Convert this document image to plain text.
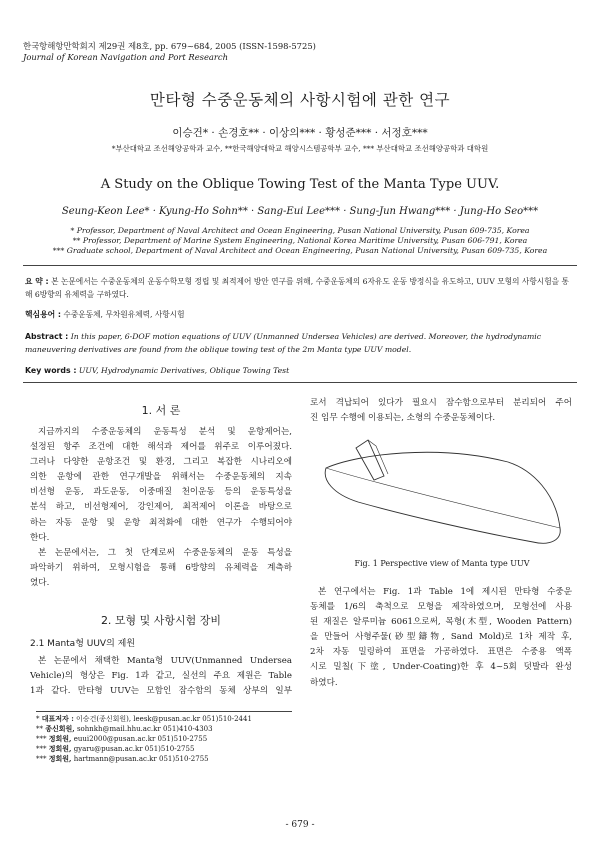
한국항해항만학회지 제29권 제8호, pp. 679~684, 2005 (ISSN-1598-5725)
Journal of Korean Navigation and Port Research
만타형 수중운동체의 사항시험에 관한 연구
이승건* · 손경호** · 이상의*** · 황성준*** · 서정호***
*부산대학교 조선해양공학과 교수, **한국해양대학교 해양시스템공학부 교수, *** 부산대학교 조선해양공학과 대학원
A Study on the Oblique Towing Test of the Manta Type UUV.
Seung-Keon Lee* · Kyung-Ho Sohn** · Sang-Eui Lee*** · Sung-Jun Hwang*** · Jung-Ho Seo***
* Professor, Department of Naval Architect and Ocean Engineering, Pusan National University, Pusan 609-735, Korea
** Professor, Department of Marine System Engineering, National Korea Maritime University, Pusan 606-791, Korea
*** Graduate school, Department of Naval Architect and Ocean Engineering, Pusan National University, Pusan 609-735, Korea
요 약 : 본 논문에서는 수중운동체의 운동수학모형 정립 및 최적제어 방안 연구를 위해, 수중운동체의 6자유도 운동 방정식을 유도하고, UUV 모형의 사항시험을 통해 6방향의 유체력을 구하였다.
핵심용어 : 수중운동체, 무차원유체력, 사항시험
Abstract : In this paper, 6-DOF motion equations of UUV (Unmanned Undersea Vehicles) are derived. Moreover, the hydrodynamic maneuvering derivatives are found from the oblique towing test of the 2m Manta type UUV model.
Key words : UUV, Hydrodynamic Derivatives, Oblique Towing Test
1. 서 론
지금까지의 수중운동체의 운동특성 분석 및 운항제어는,
설정된 항주 조건에 대한 해석과 제어를 위주로 이루어졌다.
그러나 다양한 운항조건 및 환경, 그리고 복잡한 시나리오에
의한 운항에 관한 연구개발을 위해서는 수중운동체의 지속
비선형 운동, 과도운동, 이중매질 천이운동 등의 운동특성을
분석 하고, 비선형제어, 강인제어, 최적제어 이론을 바탕으로
하는 자동 운항 및 운항 최적화에 대한 연구가 수행되어야
한다.
본 논문에서는, 그 첫 단계로써 수중운동체의 운동 특성을
파악하기 위하여, 모형시험을 통해 6방향의 유체력을 계측하
였다.
2. 모형 및 사항시험 장비
2.1 Manta형 UUV의 제원
본 논문에서 채택한 Manta형 UUV(Unmanned Undersea
Vehicle)의 형상은 Fig. 1과 같고, 실선의 주요 제원은 Table
1과 같다. 만타형 UUV는 모함인 잠수함의 동체 상부의 일부
* 대표저자 : 이승건(종신회원), leesk@pusan.ac.kr 051)510-2441
** 종신회원, sohnkh@mail.hhu.ac.kr 051)410-4303
*** 정회원, euui2000@pusan.ac.kr 051)510-2755
*** 정회원, gyaru@pusan.ac.kr 051)510-2755
*** 정회원, hartmann@pusan.ac.kr 051)510-2755
로서 격납되어 있다가 필요시 잠수함으로부터 분리되어 주어
진 임무 수행에 이용되는, 소형의 수중운동체이다.
Fig. 1 Perspective view of Manta type UUV
본 연구에서는 Fig. 1과 Table 1에 제시된 만타형 수중운
동체를 1/6의 축척으로 모형을 제작하였으며, 모형선에 사용
된 재질은 알루미늄 6061으로써, 목형(木型, Wooden Pattern)
을 만들어 사형주물(砂型鑄物, Sand Mold)로 1차 제작 후,
2차 자동 밀링하여 표면을 가공하였다. 표면은 수중용 액폭
시로 밀칠(下塗, Under-Coating)한 후 4~5회 덧발라 완성
하였다.
- 679 -
